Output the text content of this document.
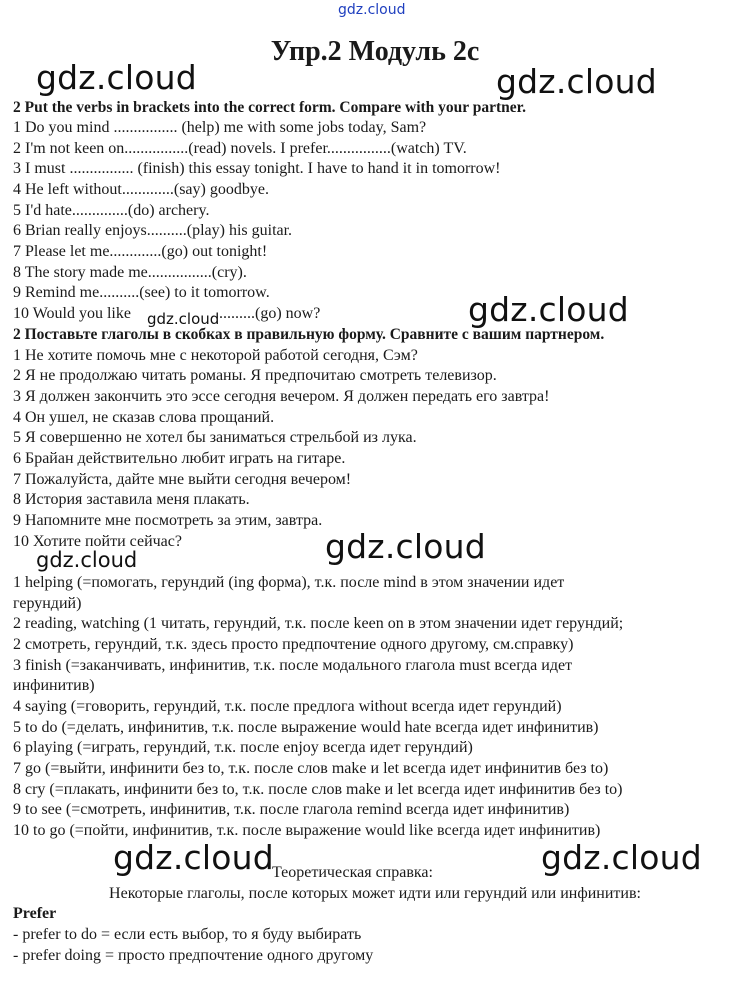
gdz.cloud
Упр.2 Модуль 2с
gdz.cloud	gdz.cloud
gdz.cloud
gdz.cloud
gdz.cloud	gdz.cloud
gdz.cloud
2 Put the verbs in brackets into the correct form. Compare with your partner.
1 Do you mind ................ (help) me with some jobs today, Sam?
2 I'm not keen on................(read) novels. I prefer................(watch) TV.
3 I must ................ (finish) this essay tonight. I have to hand it in tomorrow!
4 He left without.............(say) goodbye.
5 I'd hate..............(do) archery.
6 Brian really enjoys..........(play) his guitar.
7 Please let me.............(go) out tonight!
8 The story made me................(cry).
9 Remind me..........(see) to it tomorrow.
10 Would you like gdz.cloud
..........(go) now?
2 Поставьте глаголы в скобках в правильную форму. Сравните с вашим партнером.
1 Не хотите помочь мне с некоторой работой сегодня, Сэм?
2 Я не продолжаю читать романы. Я предпочитаю смотреть телевизор.
3 Я должен закончить это эссе сегодня вечером. Я должен передать его завтра!
4 Он ушел, не сказав слова прощаний.
5 Я совершенно не хотел бы заниматься стрельбой из лука.
6 Брайан действительно любит играть на гитаре.
7 Пожалуйста, дайте мне выйти сегодня вечером!
8 История заставила меня плакать.
9 Напомните мне посмотреть за этим, завтра.
10 Хотите пойти сейчас?
1 helping (=помогать, герундий (ing форма), т.к. после mind в этом значении идет
герундий)
2 reading, watching (1 читать, герундий, т.к. после keen on в этом значении идет герундий;
2 смотреть, герундий, т.к. здесь просто предпочтение одного другому, см.справку)
3 finish (=заканчивать, инфинитив, т.к. после модального глагола must всегда идет
инфинитив)
4 saying (=говорить, герундий, т.к. после предлога without всегда идет герундий)
5 to do (=делать, инфинитив, т.к. после выражение would hate всегда идет инфинитив)
6 playing (=играть, герундий, т.к. после enjoy всегда идет герундий)
7 go (=выйти, инфинити без to, т.к. после слов make и let всегда идет инфинитив без to)
8 cry (=плакать, инфинити без to, т.к. после слов make и let всегда идет инфинитив без to)
9 to see (=смотреть, инфинитив, т.к. после глагола remind всегда идет инфинитив)
10 to go (=пойти, инфинитив, т.к. после выражение would like всегда идет инфинитив)
Теоретическая справка:
Некоторые глаголы, после которых может идти или герундий или инфинитив:
Prefer
- prefer to do = если есть выбор, то я буду выбирать
- prefer doing = просто предпочтение одного другому
